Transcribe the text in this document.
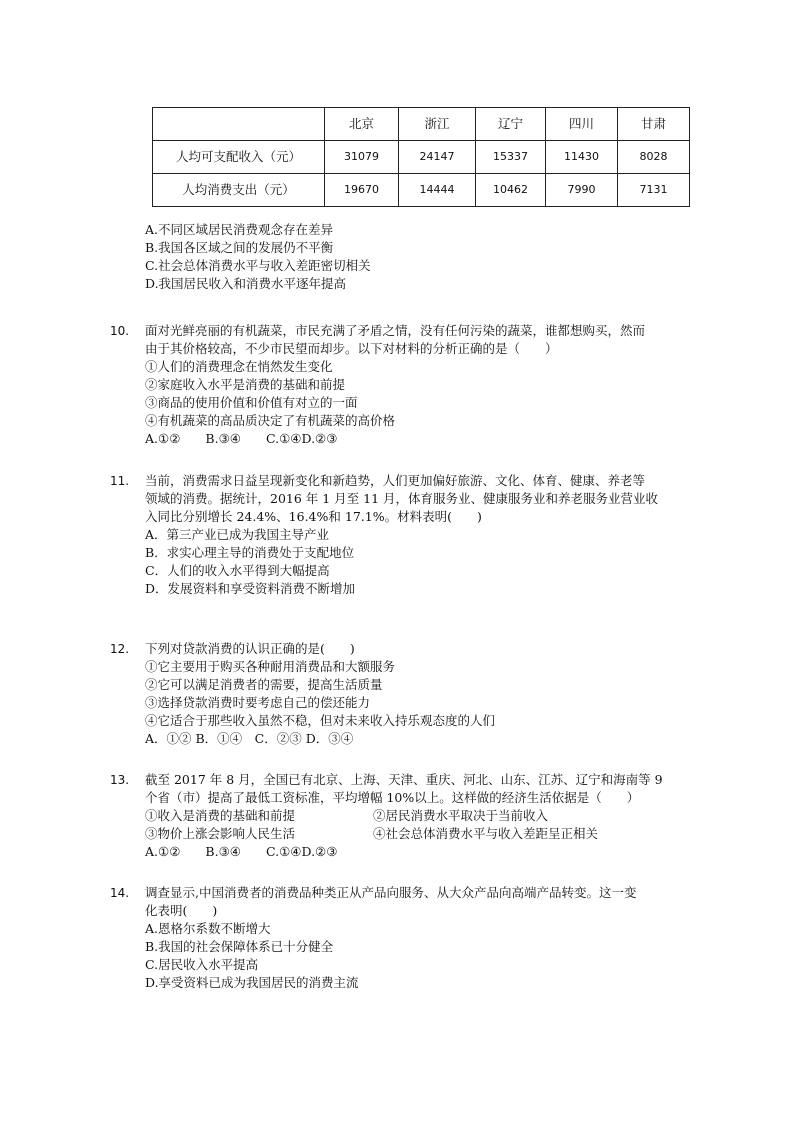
	北京	浙江	辽宁	四川	甘肃
人均可支配收入（元）	31079	24147	15337	11430	8028
人均消费支出（元）	19670	14444	10462	7990	7131
A.不同区域居民消费观念存在差异
B.我国各区域之间的发展仍不平衡
C.社会总体消费水平与收入差距密切相关
D.我国居民收入和消费水平逐年提高
10. 面对光鲜亮丽的有机蔬菜，市民充满了矛盾之情，没有任何污染的蔬菜，谁都想购买，然而
由于其价格较高，不少市民望而却步。以下对材料的分析正确的是（　　）
①人们的消费理念在悄然发生变化
②家庭收入水平是消费的基础和前提
③商品的使用价值和价值有对立的一面
④有机蔬菜的高品质决定了有机蔬菜的高价格
A.①②　　B.③④　　C.①④D.②③
11. 当前，消费需求日益呈现新变化和新趋势，人们更加偏好旅游、文化、体育、健康、养老等
领域的消费。据统计，2016 年 1 月至 11 月，体育服务业、健康服务业和养老服务业营业收
入同比分别增长 24.4%、16.4%和 17.1%。材料表明(　　)
A．第三产业已成为我国主导产业
B．求实心理主导的消费处于支配地位
C．人们的收入水平得到大幅提高
D．发展资料和享受资料消费不断增加
12. 下列对贷款消费的认识正确的是(　　)
①它主要用于购买各种耐用消费品和大额服务
②它可以满足消费者的需要，提高生活质量
③选择贷款消费时要考虑自己的偿还能力
④它适合于那些收入虽然不稳，但对未来收入持乐观态度的人们
A．①② B．①④　C．②③ D．③④
13. 截至 2017 年 8 月，全国已有北京、上海、天津、重庆、河北、山东、江苏、辽宁和海南等 9
个省（市）提高了最低工资标准，平均增幅 10%以上。这样做的经济生活依据是（　　）
①收入是消费的基础和前提	②居民消费水平取决于当前收入
③物价上涨会影响人民生活	④社会总体消费水平与收入差距呈正相关
A.①②　　B.③④　　C.①④D.②③
14. 调查显示,中国消费者的消费品种类正从产品向服务、从大众产品向高端产品转变。这一变
化表明(　　)
A.恩格尔系数不断增大
B.我国的社会保障体系已十分健全
C.居民收入水平提高
D.享受资料已成为我国居民的消费主流
